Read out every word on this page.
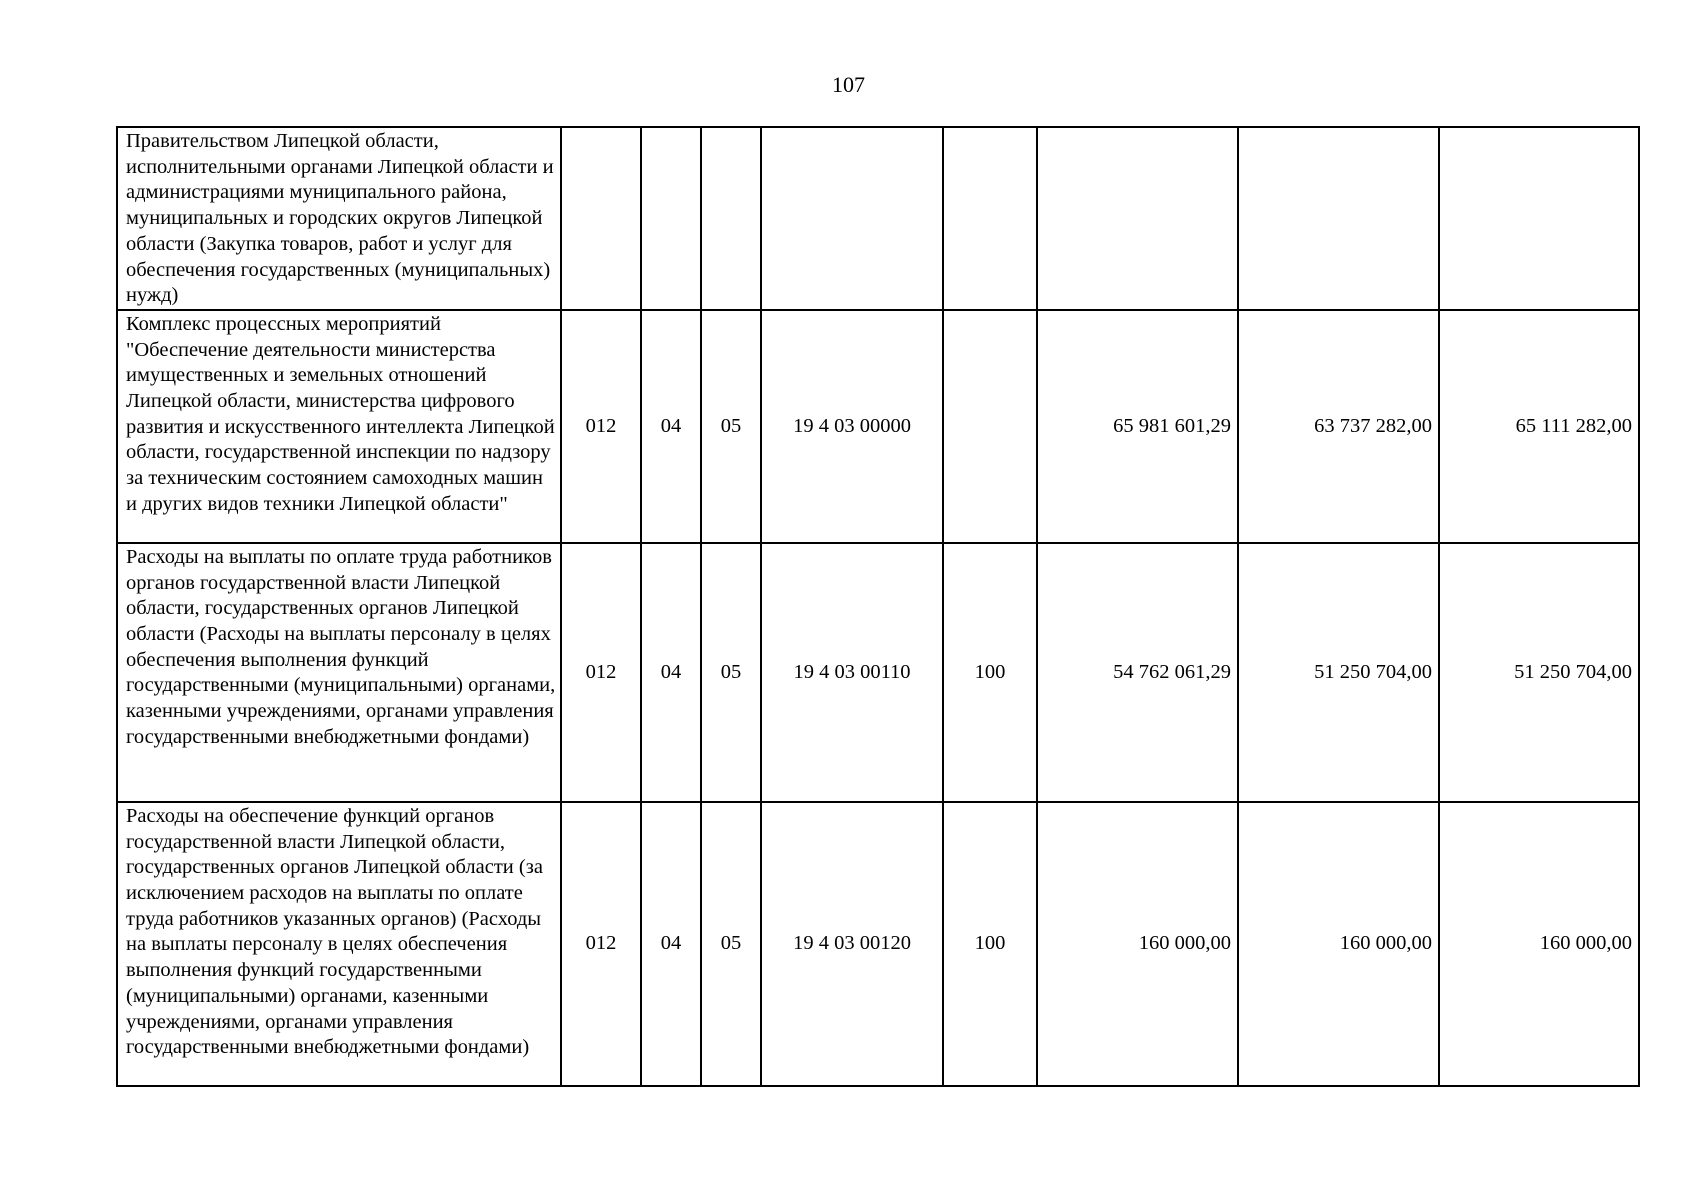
107
Правительством Липецкой области, исполнительными органами Липецкой области и администрациями муниципального района, муниципальных и городских округов Липецкой области (Закупка товаров, работ и услуг для обеспечения государственных (муниципальных) нужд)								
Комплекс процессных мероприятий "Обеспечение деятельности министерства имущественных и земельных отношений Липецкой области, министерства цифрового развития и искусственного интеллекта Липецкой области, государственной инспекции по надзору за техническим состоянием самоходных машин и других видов техники Липецкой области"	012	04	05	19 4 03 00000		65 981 601,29	63 737 282,00	65 111 282,00
Расходы на выплаты по оплате труда работников органов государственной власти Липецкой области, государственных органов Липецкой области (Расходы на выплаты персоналу в целях обеспечения выполнения функций государственными (муниципальными) органами, казенными учреждениями, органами управления государственными внебюджетными фондами)	012	04	05	19 4 03 00110	100	54 762 061,29	51 250 704,00	51 250 704,00
Расходы на обеспечение функций органов государственной власти Липецкой области, государственных органов Липецкой области (за исключением расходов на выплаты по оплате труда работников указанных органов) (Расходы на выплаты персоналу в целях обеспечения выполнения функций государственными (муниципальными) органами, казенными учреждениями, органами управления государственными внебюджетными фондами)	012	04	05	19 4 03 00120	100	160 000,00	160 000,00	160 000,00
